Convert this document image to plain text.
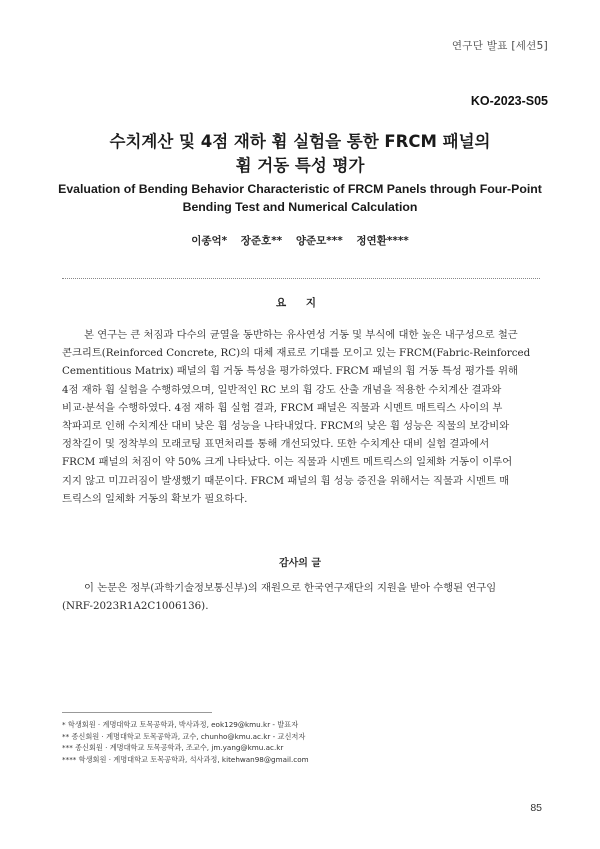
연구단 발표 [세션5]
KO-2023-S05
수치계산 및 4점 재하 휨 실험을 통한 FRCM 패널의
휨 거동 특성 평가
Evaluation of Bending Behavior Characteristic of FRCM Panels through Four-Point
Bending Test and Numerical Calculation
이종억* 장준호** 양준모*** 정연환****
요 지
본 연구는 큰 처짐과 다수의 균열을 동반하는 유사연성 거동 및 부식에 대한 높은 내구성으로 철근
콘크리트(Reinforced Concrete, RC)의 대체 재료로 기대를 모이고 있는 FRCM(Fabric-Reinforced
Cementitious Matrix) 패널의 휨 거동 특성을 평가하였다. FRCM 패널의 휨 거동 특성 평가를 위해
4점 재하 휨 실험을 수행하였으며, 일반적인 RC 보의 휨 강도 산출 개념을 적용한 수치계산 결과와
비교·분석을 수행하였다. 4점 재하 휨 실험 결과, FRCM 패널은 직물과 시멘트 매트릭스 사이의 부
착파괴로 인해 수치계산 대비 낮은 휨 성능을 나타내었다. FRCM의 낮은 휨 성능은 직물의 보강비와
정착길이 및 정착부의 모래코팅 표면처리를 통해 개선되었다. 또한 수치계산 대비 실험 결과에서
FRCM 패널의 처짐이 약 50% 크게 나타났다. 이는 직물과 시멘트 메트릭스의 일체화 거동이 이루어
지지 않고 미끄러짐이 발생했기 때문이다. FRCM 패널의 휨 성능 증진을 위해서는 직물과 시멘트 매
트릭스의 일체화 거동의 확보가 필요하다.
감사의 글
이 논문은 정부(과학기술정보통신부)의 재원으로 한국연구재단의 지원을 받아 수행된 연구임
(NRF-2023R1A2C1006136).
* 학생회원 · 계명대학교 토목공학과, 박사과정, eok129@kmu.kr - 발표자
** 종신회원 · 계명대학교 토목공학과, 교수, chunho@kmu.ac.kr - 교신저자
*** 종신회원 · 계명대학교 토목공학과, 조교수, jm.yang@kmu.ac.kr
**** 학생회원 · 계명대학교 토목공학과, 석사과정, kitehwan98@gmail.com
85
